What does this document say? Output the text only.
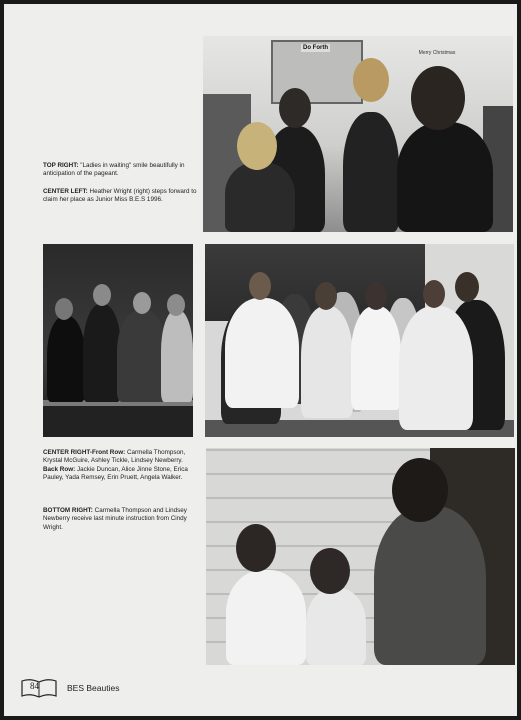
Do Forth
Merry Christmas
TOP RIGHT: "Ladies in waiting" smile beautifully in anticipation of the pageant.
CENTER LEFT: Heather Wright (right) steps forward to claim her place as Junior Miss B.E.S 1996.
CENTER RIGHT-Front Row: Carmella Thompson, Krystal McGuire, Ashley Tickle, Lindsey Newberry. Back Row: Jackie Duncan, Alice Jinne Stone, Erica Pauley, Yada Remsey, Erin Pruett, Angela Walker.
BOTTOM RIGHT: Carmella Thompson and Lindsey Newberry receive last minute instruction from Cindy Wright.
84	BES Beauties
